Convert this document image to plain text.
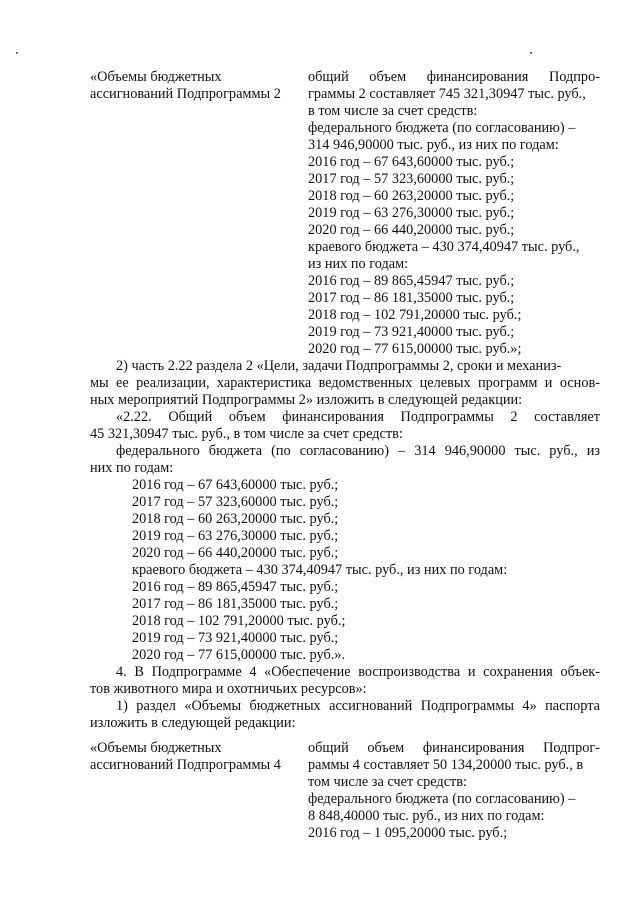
«Объемы бюджетных
ассигнований Подпрограммы 2
общий объем финансирования Подпро-
граммы 2 составляет 745 321,30947 тыс. руб.,
в том числе за счет средств:
федерального бюджета (по согласованию) –
314 946,90000 тыс. руб., из них по годам:
2016 год – 67 643,60000 тыс. руб.;
2017 год – 57 323,60000 тыс. руб.;
2018 год – 60 263,20000 тыс. руб.;
2019 год – 63 276,30000 тыс. руб.;
2020 год – 66 440,20000 тыс. руб.;
краевого бюджета – 430 374,40947 тыс. руб.,
из них по годам:
2016 год – 89 865,45947 тыс. руб.;
2017 год – 86 181,35000 тыс. руб.;
2018 год – 102 791,20000 тыс. руб.;
2019 год – 73 921,40000 тыс. руб.;
2020 год – 77 615,00000 тыс. руб.»;
2) часть 2.22 раздела 2 «Цели, задачи Подпрограммы 2, сроки и механиз-
мы ее реализации, характеристика ведомственных целевых программ и основ-
ных мероприятий Подпрограммы 2» изложить в следующей редакции:
«2.22. Общий объем финансирования Подпрограммы 2 составляет
45 321,30947 тыс. руб., в том числе за счет средств:
федерального бюджета (по согласованию) – 314 946,90000 тыс. руб., из
них по годам:
2016 год – 67 643,60000 тыс. руб.;
2017 год – 57 323,60000 тыс. руб.;
2018 год – 60 263,20000 тыс. руб.;
2019 год – 63 276,30000 тыс. руб.;
2020 год – 66 440,20000 тыс. руб.;
краевого бюджета – 430 374,40947 тыс. руб., из них по годам:
2016 год – 89 865,45947 тыс. руб.;
2017 год – 86 181,35000 тыс. руб.;
2018 год – 102 791,20000 тыс. руб.;
2019 год – 73 921,40000 тыс. руб.;
2020 год – 77 615,00000 тыс. руб.».
4. В Подпрограмме 4 «Обеспечение воспроизводства и сохранения объек-
тов животного мира и охотничьих ресурсов»:
1) раздел «Объемы бюджетных ассигнований Подпрограммы 4» паспорта
изложить в следующей редакции:
«Объемы бюджетных
ассигнований Подпрограммы 4
общий объем финансирования Подпрог-
раммы 4 составляет 50 134,20000 тыс. руб., в
том числе за счет средств:
федерального бюджета (по согласованию) –
8 848,40000 тыс. руб., из них по годам:
2016 год – 1 095,20000 тыс. руб.;
